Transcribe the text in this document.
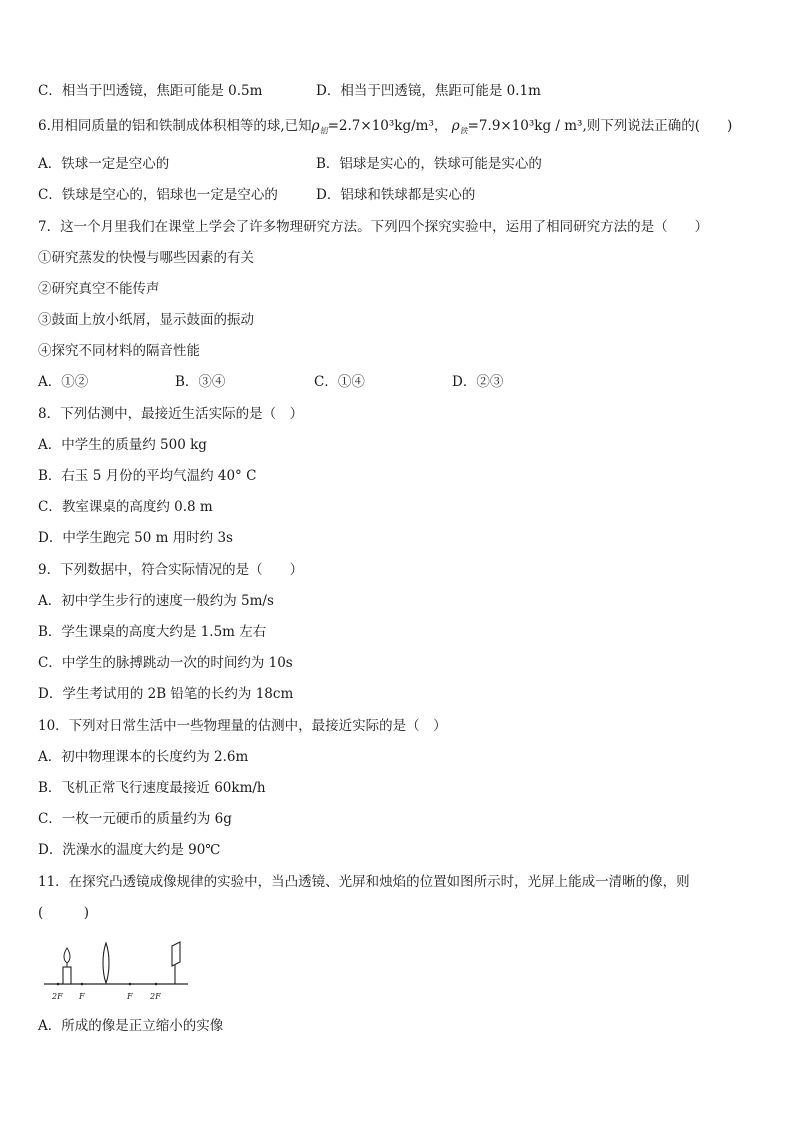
C．相当于凹透镜，焦距可能是 0.5m	D．相当于凹透镜，焦距可能是 0.1m
6.用相同质量的铝和铁制成体积相等的球,已知$\rho_铝=2.7\times 10^3kg/m^3$， $\rho_铁=7.9\times 10^3kg / m^3$,则下列说法正确的(　　)
A．铁球一定是空心的	B．铝球是实心的，铁球可能是实心的
C．铁球是空心的，铝球也一定是空心的	D．铝球和铁球都是实心的
7．这一个月里我们在课堂上学会了许多物理研究方法。下列四个探究实验中，运用了相同研究方法的是（　　）
①研究蒸发的快慢与哪些因素的有关
②研究真空不能传声
③鼓面上放小纸屑，显示鼓面的振动
④探究不同材料的隔音性能
A．①②	B．③④	C．①④	D．②③
8．下列估测中，最接近生活实际的是（　）
A．中学生的质量约 500 kg
B．右玉 5 月份的平均气温约 40° C
C．教室课桌的高度约 0.8 m
D．中学生跑完 50 m 用时约 3s
9．下列数据中，符合实际情况的是（　　）
A．初中学生步行的速度一般约为 5m/s
B．学生课桌的高度大约是 1.5m 左右
C．中学生的脉搏跳动一次的时间约为 10s
D．学生考试用的 2B 铅笔的长约为 18cm
10．下列对日常生活中一些物理量的估测中，最接近实际的是（　）
A．初中物理课本的长度约为 2.6m
B．飞机正常飞行速度最接近 60km/h
C．一枚一元硬币的质量约为 6g
D．洗澡水的温度大约是 90℃
11．在探究凸透镜成像规律的实验中，当凸透镜、光屏和烛焰的位置如图所示时，光屏上能成一清晰的像，则
(　　　)
2F F	F 2F
A．所成的像是正立缩小的实像
